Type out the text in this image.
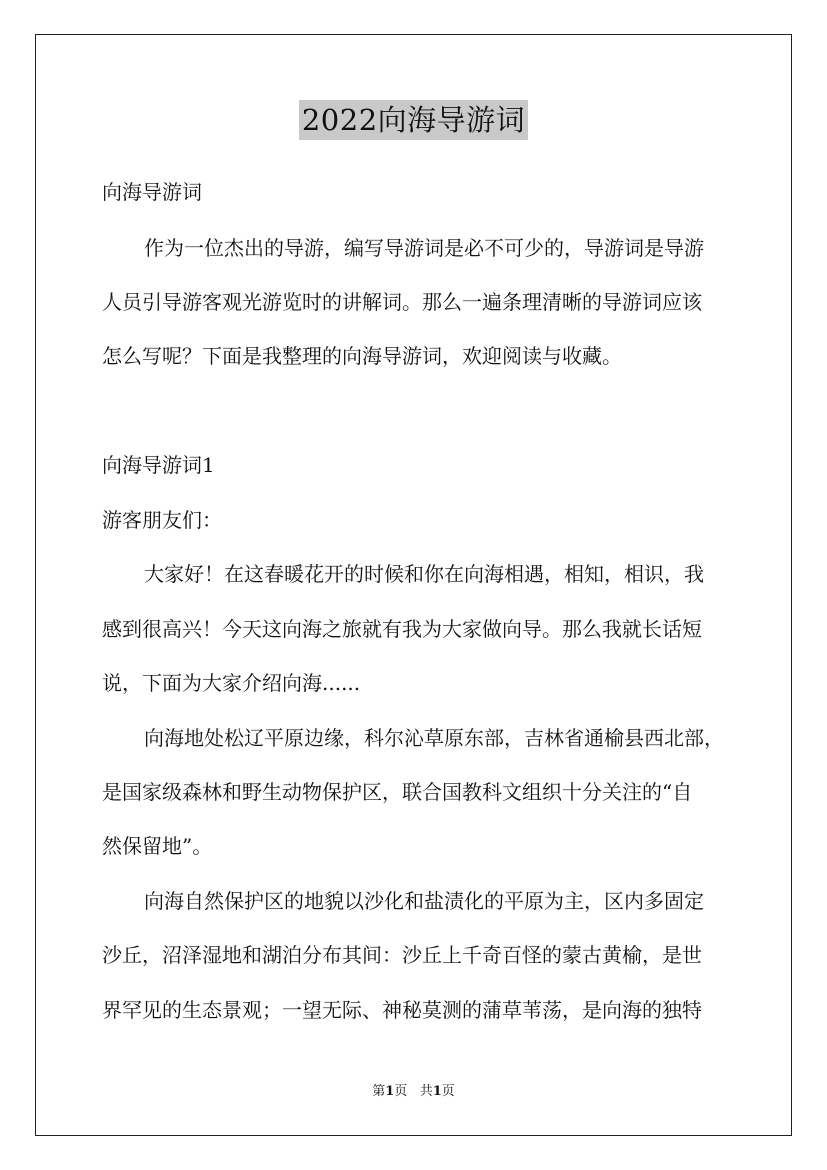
2022向海导游词
向海导游词
作为一位杰出的导游，编写导游词是必不可少的，导游词是导游
人员引导游客观光游览时的讲解词。那么一遍条理清晰的导游词应该
怎么写呢？下面是我整理的向海导游词，欢迎阅读与收藏。
向海导游词1
游客朋友们：
大家好！在这春暖花开的时候和你在向海相遇，相知，相识，我
感到很高兴！今天这向海之旅就有我为大家做向导。那么我就长话短
说，下面为大家介绍向海......
向海地处松辽平原边缘，科尔沁草原东部，吉林省通榆县西北部，
是国家级森林和野生动物保护区，联合国教科文组织十分关注的“自
然保留地”。
向海自然保护区的地貌以沙化和盐渍化的平原为主，区内多固定
沙丘，沼泽湿地和湖泊分布其间：沙丘上千奇百怪的蒙古黄榆，是世
界罕见的生态景观；一望无际、神秘莫测的蒲草苇荡，是向海的独特
第1页 共1页
